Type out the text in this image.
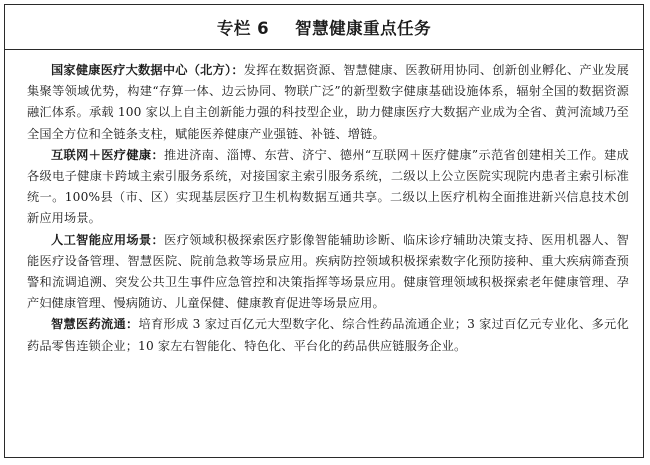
专栏 6 智慧健康重点任务

国家健康医疗大数据中心（北方）：发挥在数据资源、智慧健康、医教研用协同、创新创业孵化、产业发展集聚等领域优势，构建“存算一体、边云协同、物联广泛”的新型数字健康基础设施体系，辐射全国的数据资源融汇体系。承载 100 家以上自主创新能力强的科技型企业，助力健康医疗大数据产业成为全省、黄河流域乃至全国全方位和全链条支柱，赋能医养健康产业强链、补链、增链。

互联网＋医疗健康：推进济南、淄博、东营、济宁、德州“互联网＋医疗健康”示范省创建相关工作。建成各级电子健康卡跨域主索引服务系统，对接国家主索引服务系统，二级以上公立医院实现院内患者主索引标准统一。100%县（市、区）实现基层医疗卫生机构数据互通共享。二级以上医疗机构全面推进新兴信息技术创新应用场景。

人工智能应用场景：医疗领域积极探索医疗影像智能辅助诊断、临床诊疗辅助决策支持、医用机器人、智能医疗设备管理、智慧医院、院前急救等场景应用。疾病防控领域积极探索数字化预防接种、重大疾病筛查预警和流调追溯、突发公共卫生事件应急管控和决策指挥等场景应用。健康管理领域积极探索老年健康管理、孕产妇健康管理、慢病随访、儿童保健、健康教育促进等场景应用。

智慧医药流通：培育形成 3 家过百亿元大型数字化、综合性药品流通企业；3 家过百亿元专业化、多元化药品零售连锁企业；10 家左右智能化、特色化、平台化的药品供应链服务企业。
